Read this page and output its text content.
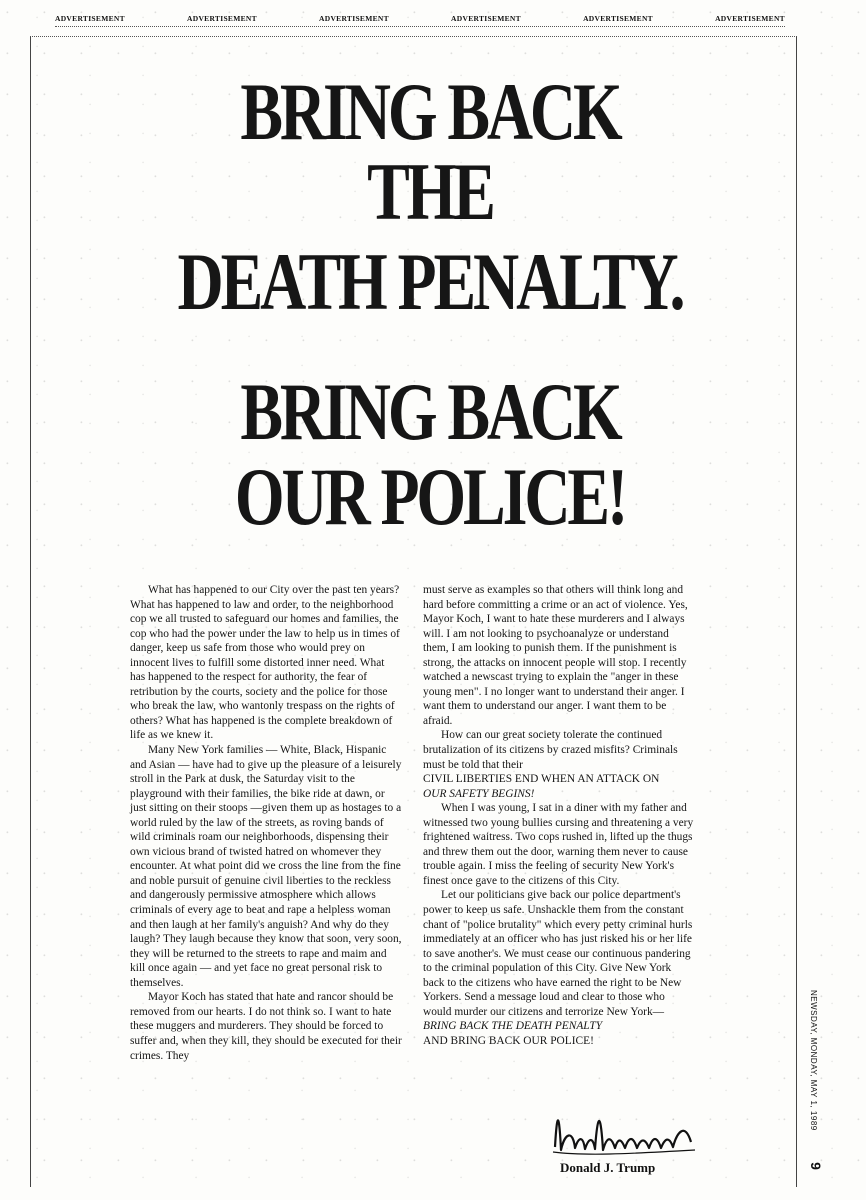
ADVERTISEMENT	ADVERTISEMENT	ADVERTISEMENT	ADVERTISEMENT	ADVERTISEMENT	ADVERTISEMENT
BRING BACK
THE
DEATH PENALTY.
BRING BACK
OUR POLICE!

What has happened to our City over the past ten years? What has happened to law and order, to the neighborhood cop we all trusted to safeguard our homes and families, the cop who had the power under the law to help us in times of danger, keep us safe from those who would prey on innocent lives to fulfill some distorted inner need. What has happened to the respect for authority, the fear of retribution by the courts, society and the police for those who break the law, who wantonly trespass on the rights of others? What has happened is the complete breakdown of life as we knew it.

Many New York families — White, Black, Hispanic and Asian — have had to give up the pleasure of a leisurely stroll in the Park at dusk, the Saturday visit to the playground with their families, the bike ride at dawn, or just sitting on their stoops —given them up as hostages to a world ruled by the law of the streets, as roving bands of wild criminals roam our neighborhoods, dispensing their own vicious brand of twisted hatred on whomever they encounter. At what point did we cross the line from the fine and noble pursuit of genuine civil liberties to the reckless and dangerously permissive atmosphere which allows criminals of every age to beat and rape a helpless woman and then laugh at her family's anguish? And why do they laugh? They laugh because they know that soon, very soon, they will be returned to the streets to rape and maim and kill once again — and yet face no great personal risk to themselves.

Mayor Koch has stated that hate and rancor should be removed from our hearts. I do not think so. I want to hate these muggers and murderers. They should be forced to suffer and, when they kill, they should be executed for their crimes. They

must serve as examples so that others will think long and hard before committing a crime or an act of violence. Yes, Mayor Koch, I want to hate these murderers and I always will. I am not looking to psychoanalyze or understand them, I am looking to punish them. If the punishment is strong, the attacks on innocent people will stop. I recently watched a newscast trying to explain the "anger in these young men". I no longer want to understand their anger. I want them to understand our anger. I want them to be afraid.

How can our great society tolerate the continued brutalization of its citizens by crazed misfits? Criminals must be told that their

CIVIL LIBERTIES END WHEN AN ATTACK ON

OUR SAFETY BEGINS!

When I was young, I sat in a diner with my father and witnessed two young bullies cursing and threatening a very frightened waitress. Two cops rushed in, lifted up the thugs and threw them out the door, warning them never to cause trouble again. I miss the feeling of security New York's finest once gave to the citizens of this City.

Let our politicians give back our police department's power to keep us safe. Unshackle them from the constant chant of "police brutality" which every petty criminal hurls immediately at an officer who has just risked his or her life to save another's. We must cease our continuous pandering to the criminal population of this City. Give New York back to the citizens who have earned the right to be New Yorkers. Send a message loud and clear to those who would murder our citizens and terrorize New York—

BRING BACK THE DEATH PENALTY

AND BRING BACK OUR POLICE!

Donald J. Trump
NEWSDAY, MONDAY, MAY 1, 1989
9
